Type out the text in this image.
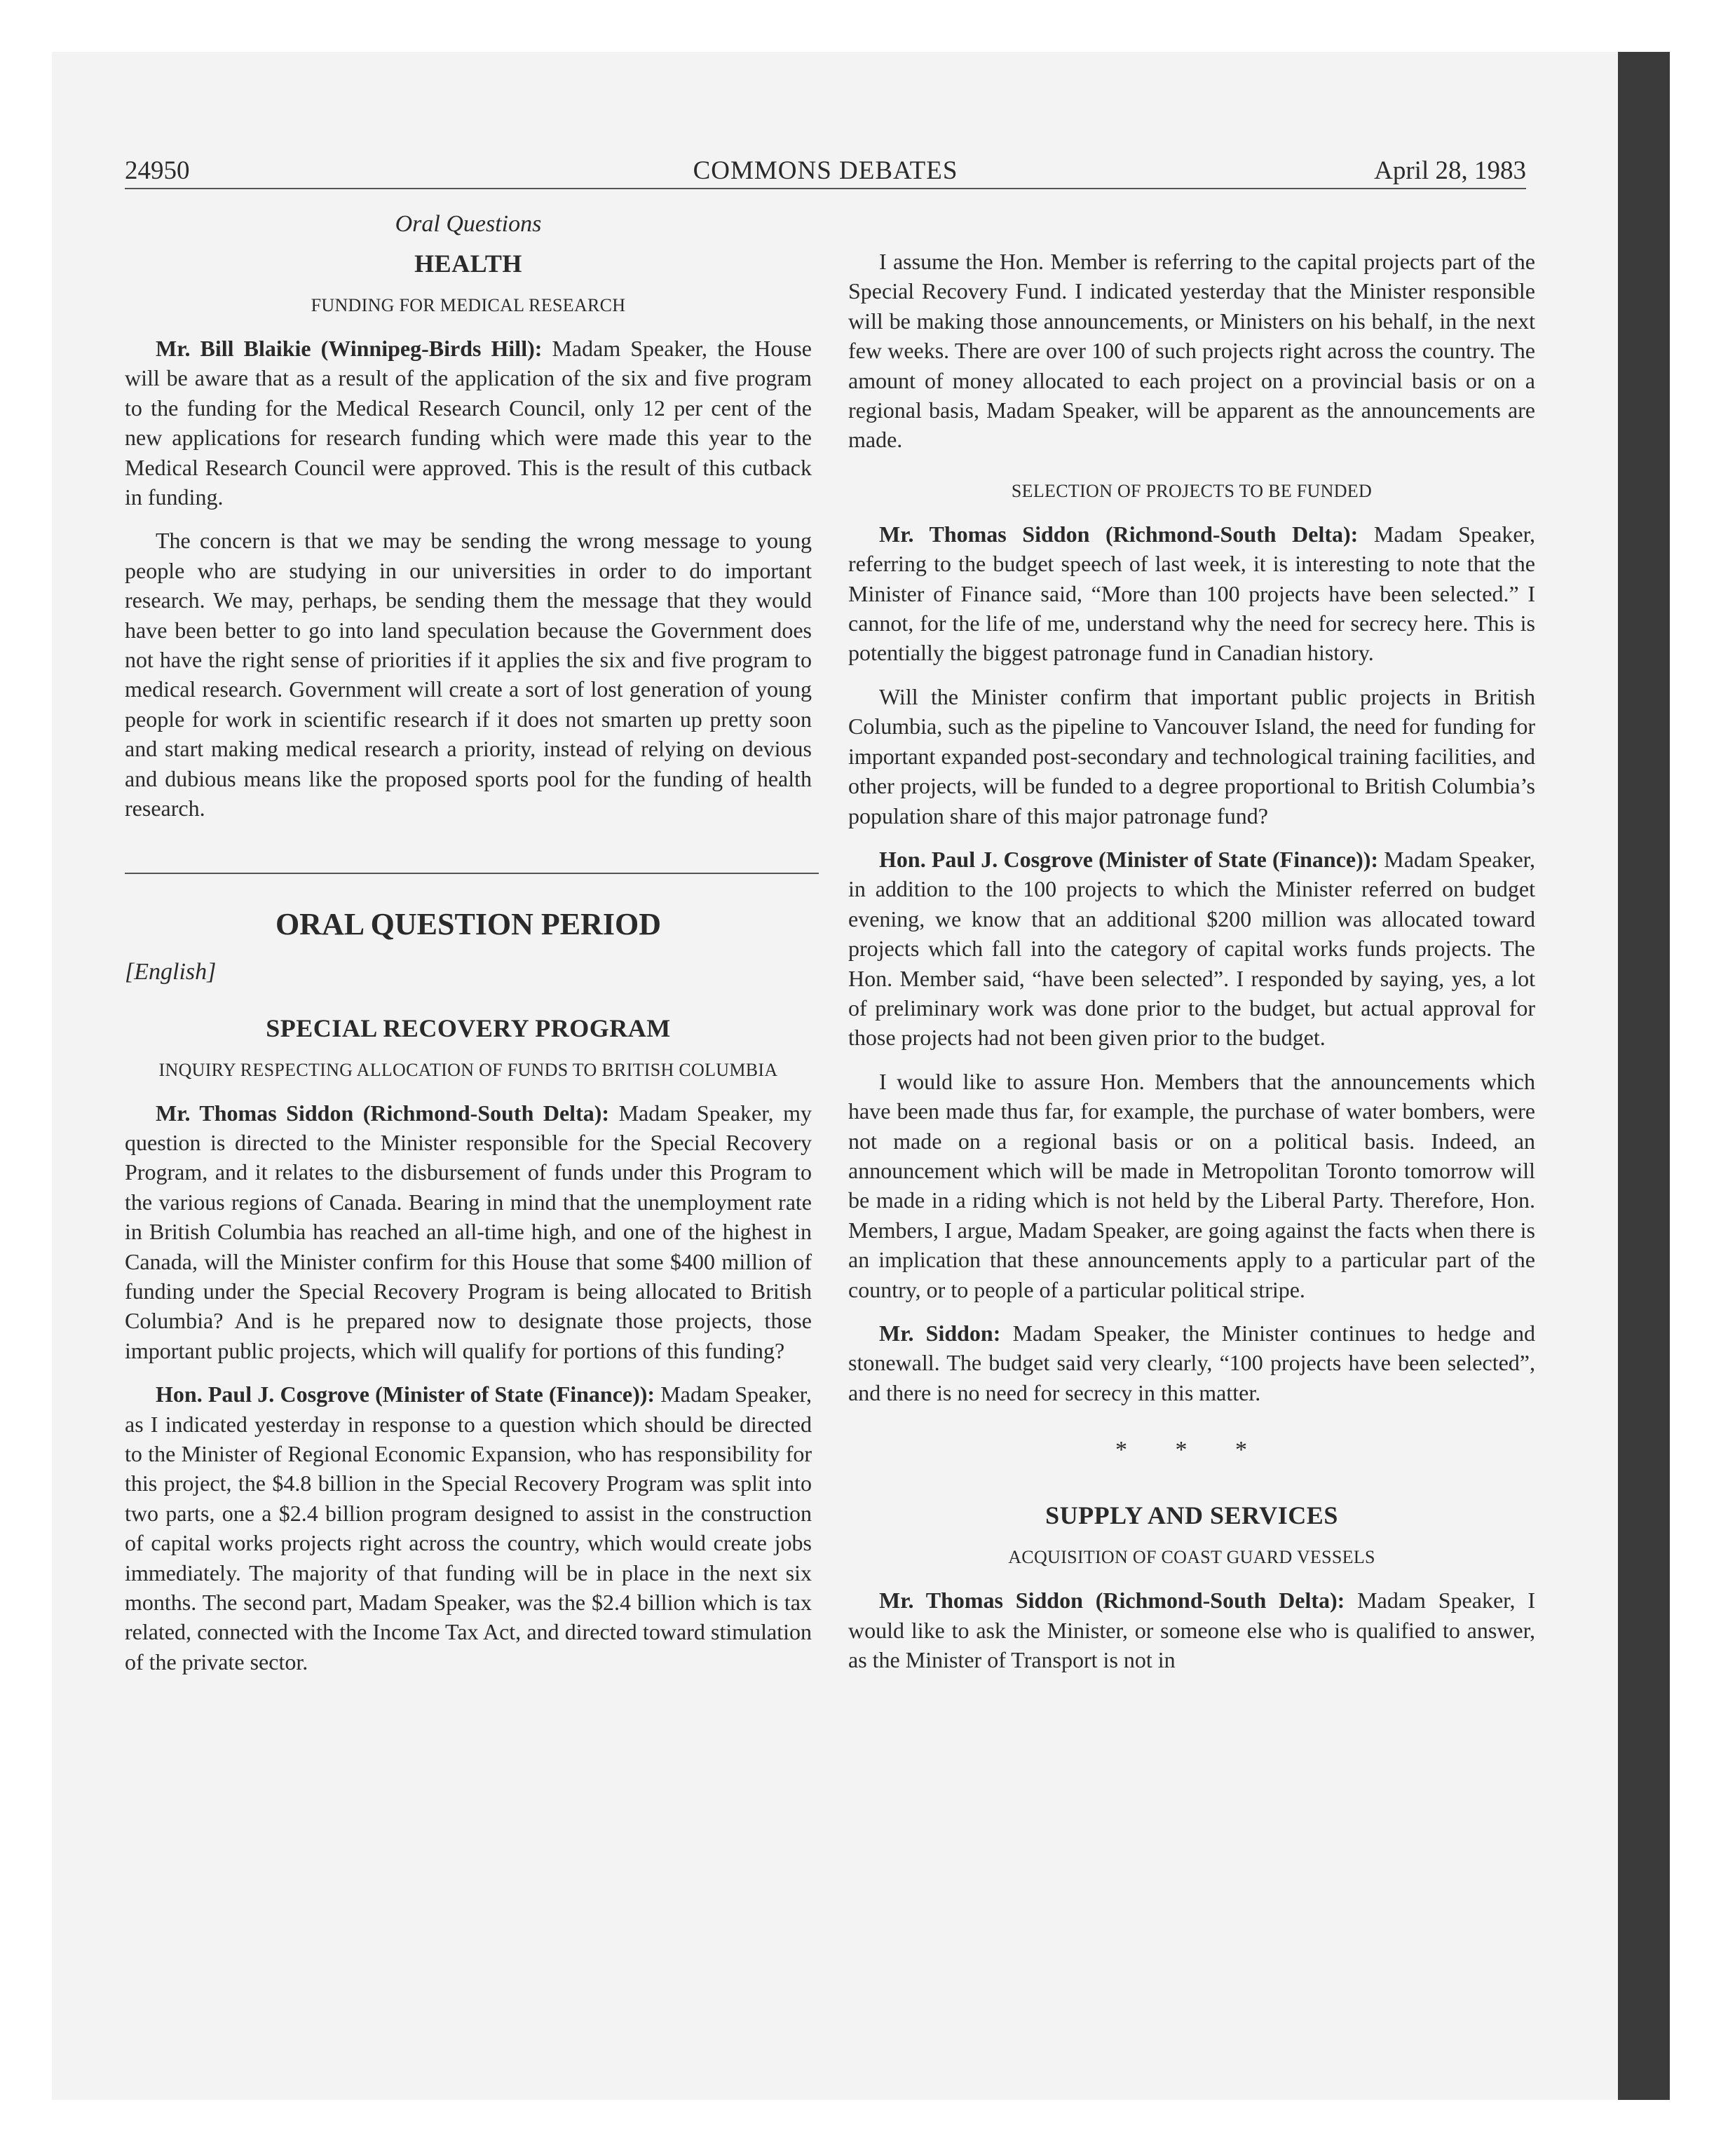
24950	COMMONS DEBATES	April 28, 1983
Oral Questions
HEALTH
FUNDING FOR MEDICAL RESEARCH

Mr. Bill Blaikie (Winnipeg-Birds Hill): Madam Speaker, the House will be aware that as a result of the application of the six and five program to the funding for the Medical Research Council, only 12 per cent of the new applications for research funding which were made this year to the Medical Research Council were approved. This is the result of this cutback in funding.

The concern is that we may be sending the wrong message to young people who are studying in our universities in order to do important research. We may, perhaps, be sending them the message that they would have been better to go into land speculation because the Government does not have the right sense of priorities if it applies the six and five program to medical research. Government will create a sort of lost generation of young people for work in scientific research if it does not smarten up pretty soon and start making medical research a priority, instead of relying on devious and dubious means like the proposed sports pool for the funding of health research.

ORAL QUESTION PERIOD
[English]
SPECIAL RECOVERY PROGRAM
INQUIRY RESPECTING ALLOCATION OF FUNDS TO BRITISH COLUMBIA

Mr. Thomas Siddon (Richmond-South Delta): Madam Speaker, my question is directed to the Minister responsible for the Special Recovery Program, and it relates to the disbursement of funds under this Program to the various regions of Canada. Bearing in mind that the unemployment rate in British Columbia has reached an all-time high, and one of the highest in Canada, will the Minister confirm for this House that some $400 million of funding under the Special Recovery Program is being allocated to British Columbia? And is he prepared now to designate those projects, those important public projects, which will qualify for portions of this funding?

Hon. Paul J. Cosgrove (Minister of State (Finance)): Madam Speaker, as I indicated yesterday in response to a question which should be directed to the Minister of Regional Economic Expansion, who has responsibility for this project, the $4.8 billion in the Special Recovery Program was split into two parts, one a $2.4 billion program designed to assist in the construction of capital works projects right across the country, which would create jobs immediately. The majority of that funding will be in place in the next six months. The second part, Madam Speaker, was the $2.4 billion which is tax related, connected with the Income Tax Act, and directed toward stimulation of the private sector.

I assume the Hon. Member is referring to the capital projects part of the Special Recovery Fund. I indicated yesterday that the Minister responsible will be making those announcements, or Ministers on his behalf, in the next few weeks. There are over 100 of such projects right across the country. The amount of money allocated to each project on a provincial basis or on a regional basis, Madam Speaker, will be apparent as the announcements are made.

SELECTION OF PROJECTS TO BE FUNDED

Mr. Thomas Siddon (Richmond-South Delta): Madam Speaker, referring to the budget speech of last week, it is interesting to note that the Minister of Finance said, “More than 100 projects have been selected.” I cannot, for the life of me, understand why the need for secrecy here. This is potentially the biggest patronage fund in Canadian history.

Will the Minister confirm that important public projects in British Columbia, such as the pipeline to Vancouver Island, the need for funding for important expanded post-secondary and technological training facilities, and other projects, will be funded to a degree proportional to British Columbia’s population share of this major patronage fund?

Hon. Paul J. Cosgrove (Minister of State (Finance)): Madam Speaker, in addition to the 100 projects to which the Minister referred on budget evening, we know that an additional $200 million was allocated toward projects which fall into the category of capital works funds projects. The Hon. Member said, “have been selected”. I responded by saying, yes, a lot of preliminary work was done prior to the budget, but actual approval for those projects had not been given prior to the budget.

I would like to assure Hon. Members that the announcements which have been made thus far, for example, the purchase of water bombers, were not made on a regional basis or on a political basis. Indeed, an announcement which will be made in Metropolitan Toronto tomorrow will be made in a riding which is not held by the Liberal Party. Therefore, Hon. Members, I argue, Madam Speaker, are going against the facts when there is an implication that these announcements apply to a particular part of the country, or to people of a particular political stripe.

Mr. Siddon: Madam Speaker, the Minister continues to hedge and stonewall. The budget said very clearly, “100 projects have been selected”, and there is no need for secrecy in this matter.

* * *
SUPPLY AND SERVICES
ACQUISITION OF COAST GUARD VESSELS

Mr. Thomas Siddon (Richmond-South Delta): Madam Speaker, I would like to ask the Minister, or someone else who is qualified to answer, as the Minister of Transport is not in
